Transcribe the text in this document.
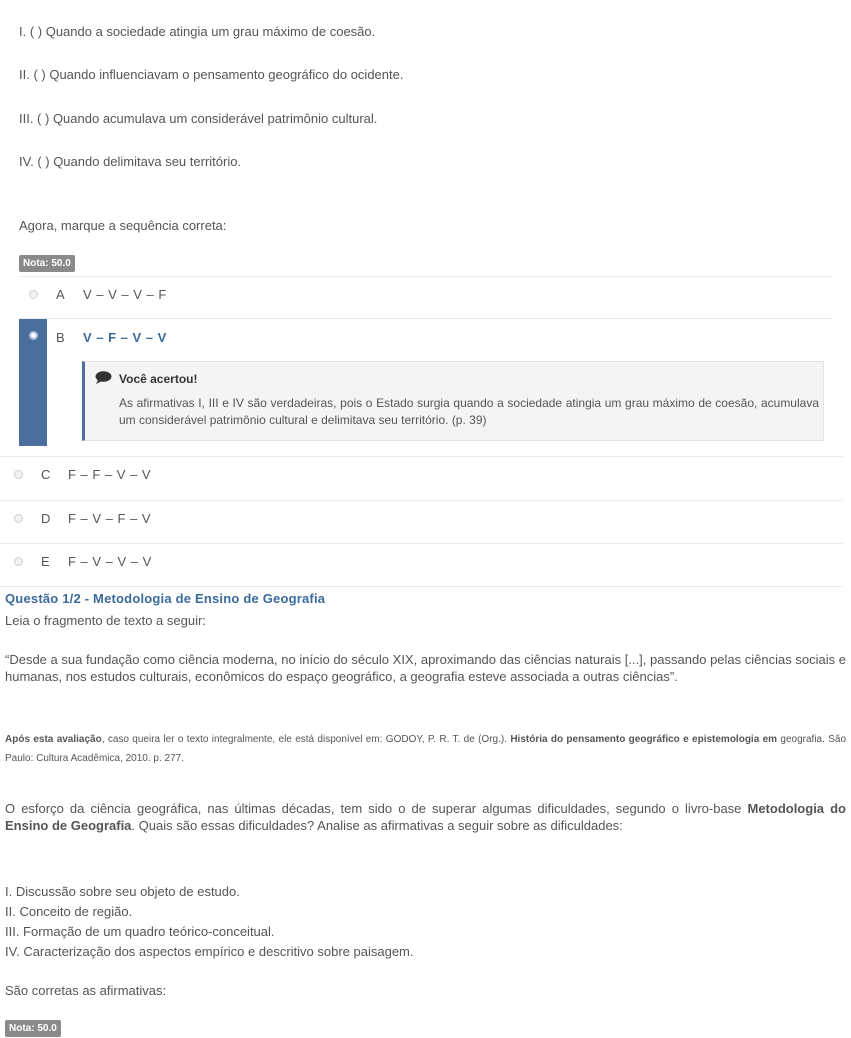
I. ( ) Quando a sociedade atingia um grau máximo de coesão.
II. ( ) Quando influenciavam o pensamento geográfico do ocidente.
III. ( ) Quando acumulava um considerável patrimônio cultural.
IV. ( ) Quando delimitava seu território.
Agora, marque a sequência correta:
Nota: 50.0
A V – V – V – F
B V – F – V – V
Você acertou!
As afirmativas I, III e IV são verdadeiras, pois o Estado surgia quando a sociedade atingia um grau máximo de coesão, acumulava um considerável patrimônio cultural e delimitava seu território. (p. 39)
C F – F – V – V
D F – V – F – V
E F – V – V – V
Questão 1/2 - Metodologia de Ensino de Geografia
Leia o fragmento de texto a seguir:
“Desde a sua fundação como ciência moderna, no início do século XIX, aproximando das ciências naturais [...], passando pelas ciências sociais e humanas, nos estudos culturais, econômicos do espaço geográfico, a geografia esteve associada a outras ciências”.
Após esta avaliação, caso queira ler o texto integralmente, ele está disponível em: GODOY, P. R. T. de (Org.). História do pensamento geográfico e epistemologia em geografia. São Paulo: Cultura Acadêmica, 2010. p. 277.
O esforço da ciência geográfica, nas últimas décadas, tem sido o de superar algumas dificuldades, segundo o livro-base Metodologia do Ensino de Geografia. Quais são essas dificuldades? Analise as afirmativas a seguir sobre as dificuldades:
I. Discussão sobre seu objeto de estudo.
II. Conceito de região.
III. Formação de um quadro teórico-conceitual.
IV. Caracterização dos aspectos empírico e descritivo sobre paisagem.
São corretas as afirmativas:
Nota: 50.0
